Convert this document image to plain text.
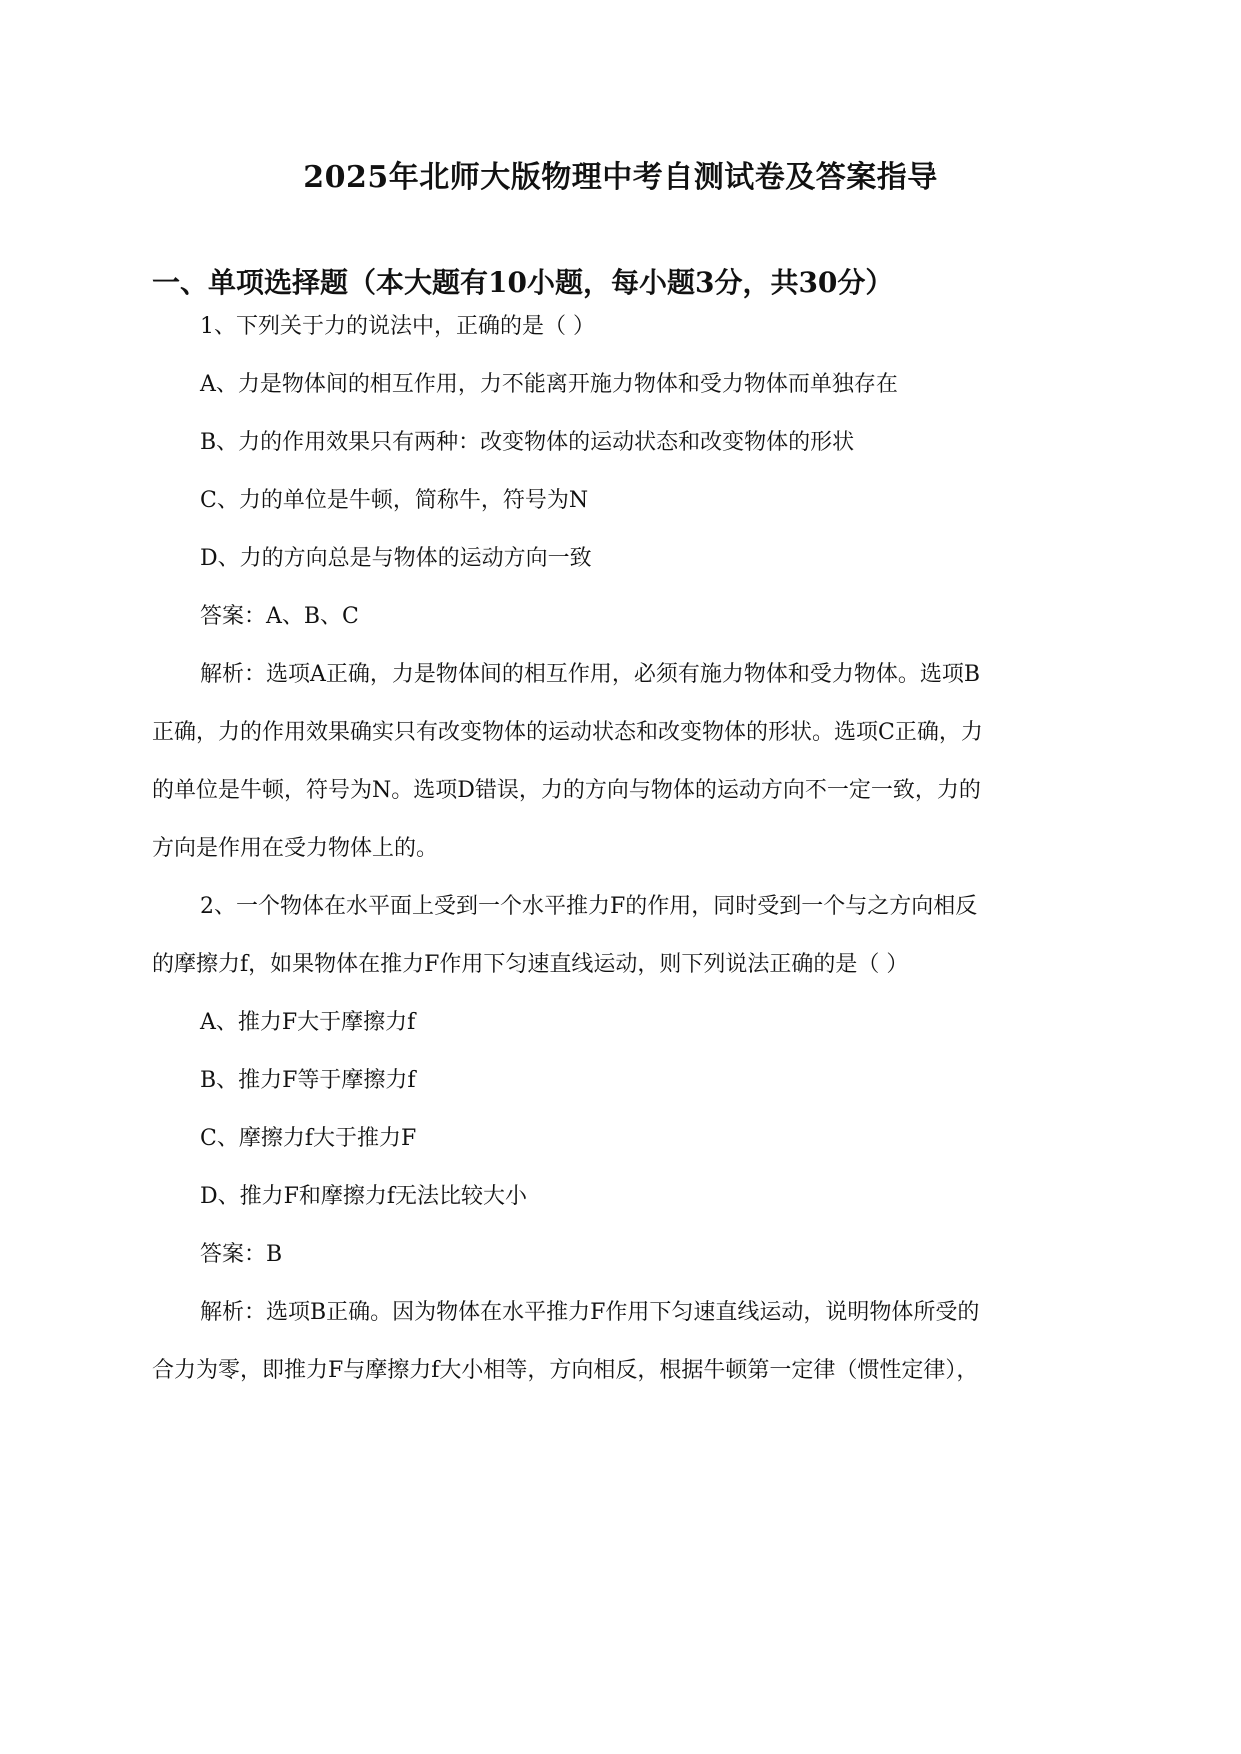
2025年北师大版物理中考自测试卷及答案指导
一、单项选择题（本大题有10小题，每小题3分，共30分）

1、下列关于力的说法中，正确的是（ ）

A、力是物体间的相互作用，力不能离开施力物体和受力物体而单独存在

B、力的作用效果只有两种：改变物体的运动状态和改变物体的形状

C、力的单位是牛顿，简称牛，符号为N

D、力的方向总是与物体的运动方向一致

答案：A、B、C

解析：选项A正确，力是物体间的相互作用，必须有施力物体和受力物体。选项B

正确，力的作用效果确实只有改变物体的运动状态和改变物体的形状。选项C正确，力

的单位是牛顿，符号为N。选项D错误，力的方向与物体的运动方向不一定一致，力的

方向是作用在受力物体上的。

2、一个物体在水平面上受到一个水平推力F的作用，同时受到一个与之方向相反

的摩擦力f，如果物体在推力F作用下匀速直线运动，则下列说法正确的是（ ）

A、推力F大于摩擦力f

B、推力F等于摩擦力f

C、摩擦力f大于推力F

D、推力F和摩擦力f无法比较大小

答案：B

解析：选项B正确。因为物体在水平推力F作用下匀速直线运动，说明物体所受的

合力为零，即推力F与摩擦力f大小相等，方向相反，根据牛顿第一定律（惯性定律），
